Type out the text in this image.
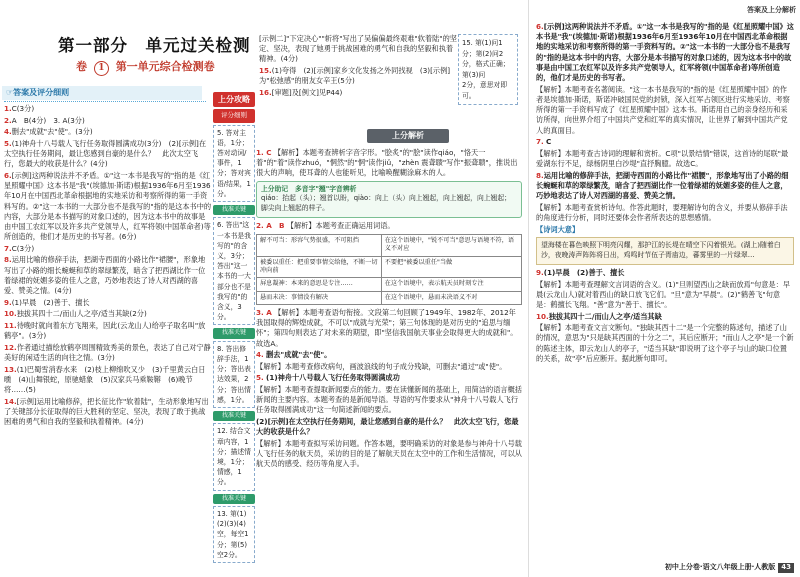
第一部分　单元过关检测
卷 1 第一单元综合检测卷
☞答案及评分细则

1.C(3分)

2.A　B(4分)　3. A(3分)

4.删去"成就"去"使"。(3分)

5.(1)神舟十八号载人飞行任务取得圆满成功(3分)　(2)[示例]在太空执行任务期间，最让您感到自豪的是什么？　此次太空飞行，您最大的收获是什么？(4分)

6.[示例]这两种说法并不矛盾。①"这一本书是我写的"指的是《红星照耀中国》这本书是"我"(埃德加·斯诺)根据1936年6月至1936年10月在中国西北革命根据地的实地采访和考察所得的第一手资料写的。②"这一本书的一大部分也不是我写的"指的是这本书中的内容，大部分是本书描写的对象口述的，因为这本书中的故事是由中国工农红军以及许多共产党领导人，红军将领(中国革命者)等所创造的，他们才是历史的书写者。(6分)

7.C(3分)

8.运用比喻的修辞手法，把湖寺西面的小路比作"裙腰"，形象地写出了小路的细长蜿蜒和草的翠绿繁茂，暗含了把西湖比作一位着绿裙的妩媚多姿的佳人之意，巧妙地表达了诗人对西湖的喜爱、赞美之情。(4分)

9.(1)早晨　(2)善于、擅长

10.独拔其四十二/而山人之亭/适当其缺(2分)

11.待晚时就向着东方飞翔来，因此(云龙山人)给亭子取名叫"放鹤亭"。(3分)

12.作者通过描绘放鹤亭周围精致秀美的景色，表达了自己对宁静美好的闲适生活的向往之情。(3分)

13.(1)巴蜀雪消春水来　(2)枝上柳绵吹又少　(3)千里黄云白日曛　(4)山舞银蛇，原驰蜡象　(5)汉家兵马乘鞍鞯　(6)晚节将……(5)

14.[示例]运用比喻修辞，把长征比作"软着陆"，生动形象地写出了关键部分长征取得的巨大胜利的坚定、坚决，表现了敢于挑战困难的勇气和自我的坚毅和执着精神。(4分)

上分攻略
评分细则
5. 答对主语，1分；答对动词/事件，1分；答对宾语/结果，1分。
找准关键
6. 答出"这一本书是我写的"的含义，3分；答出"这一本书的一大部分也不是我写的"的含义，3分。
找准关键
8. 答出修辞手法，1分；答出表达效果，2分；答出情感，1分。
找准关键
12. 结合文章内容，1分；描述情境，1分；情感，1分。
找准关键
13. 第(1)(2)(3)(4)空，每空1分；第(5)空2分。

[示例二]"下定决心""斩将"写出了吴偏偏最终艰难"软着陆"的坚定、坚决，表现了她勇于挑战困难的勇气和自我的坚毅和执着精神。(4分)

15.(1)夸得　(2)[示例]家乡文化发扬之外同找视　(3)[示例]为"松弛感"的朋友女辛王(5分)

16.[审题]及[例文]见P44)

15. 第(1)问1分；第(2)问2分，格式正确；第(3)问
2分，意思对即可。
上分解析

1. C 【解析】本题考查辨析字音字形。"脍炙"的"脍"读作qiáo，"恪天一着"的"着"读作zhuó，"惘然"的"惘"读作jiǔ，"zhèn 震聋聩"写作"振聋聩"，推说出很大的声响，使耳聋的人也能听见，比喻唤醒糊涂麻木的人。

上分助记　多音字"翘"字音辨析
qiáo：抬起（头）；翘首以盼，qiào：向上（头）向上翘起，向上翘起，向上翘起；脚尖向上翘起的样子。

2. A　B 【解析】本题考查正确运用词语。

解不可当：形容气势很盛，不可阻挡	在这个语境中，"锐不可当"意思与语境不符，语义不对应
被委以重任：把重要事情交给他，不断一切冲向前	不要把"被委以重任"当做
屏息凝神：本来的意思是专注……	在这个语境中，表示航天员时刻专注
悬而未决：事情没有解决	在这个语境中，悬而未决语义不对

3. A 【解析】本题考查语句衔接。文段第二句回顾了1949年、1982年、2012年我国取得的辉煌成就，不可以"成就与光荣"；第三句体现的是对历史的"追思与缅怀"；第四句则表达了对未来的期望，即"坚信我国航天事业会取得更大的成就和"。故选A。

4. 删去"成就"去"使"。

【解析】本题考查修改病句，画波浪线的句子成分残缺，可删去"通过"或"使"。

5. (1)神舟十八号载人飞行任务取得圆满成功

【解析】本题考查提取新闻要点的能力。要在读懂新闻的基础上，用简洁的语言概括新闻的主要内容。本题考查的是新闻导语。导语的写作要求从"神舟十八号载人飞行任务取得圆满成功"这一句简述新闻的要点。

(2)[示例]在太空执行任务期间，最让您感到自豪的是什么？　此次太空飞行，您最大的收获是什么？

【解析】本题考查拟写采访问题。作答本题，要明确采访的对象是参与神舟十八号载人飞行任务的航天员，采访的目的是了解航天员在太空中的工作和生活情况，可以从航天员的感受、经历等角度入手。

答案及上分解析

6.[示例]这两种说法并不矛盾。①"这一本书是我写的"指的是《红星照耀中国》这本书是"我"(埃德加·斯诺)根据1936年6月至1936年10月在中国西北革命根据地的实地采访和考察所得的第一手资料写的。②"这一本书的一大部分也不是我写的"指的是这本书中的内容，大部分是本书描写的对象口述的，因为这本书中的故事是由中国工农红军以及许多共产党领导人，红军将领(中国革命者)等所创造的，他们才是历史的书写者。

【解析】本题考查名著阅读。"这一本书是我写的"指的是《红星照耀中国》的作者是埃德加·斯诺，斯诺冲破国民党的封锁，深入红军占领区进行实地采访、考察所得的第一手资料写成了《红星照耀中国》这本书。斯诺用自己的亲身经历和采访所得，向世界介绍了中国共产党和红军的真实情况，让世界了解到中国共产党人的真面目。

7. C

【解析】本题考查古诗词的理解和赏析。C项"以景结情"错误，这首诗的尾联"最爱湖东行不足，绿杨阴里白沙堤"直抒胸臆。故选C。

8.运用比喻的修辞手法，把湖寺西面的小路比作"裙腰"，形象地写出了小路的细长蜿蜒和草的翠绿繁茂，暗含了把西湖比作一位着绿裙的妩媚多姿的佳人之意，巧妙地表达了诗人对西湖的喜爱、赞美之情。

【解析】本题考查赏析诗句。作答此题时，要理解诗句的含义，并要从修辞手法的角度进行分析，同时还要体会作者所表达的思想感情。

【诗词大意】
望海楼在暮色映照下明亮闪耀，那护江的长堤在晴空下闪着银光。(湖上)随着白沙，夜晚涛声阵阵将日出，鸡鸣时节伍子胥庙边，蕃雾里的一片绿翠…

9.(1)早晨　(2)善于、擅长

【解析】本题考查理解文言词语的含义。(1)"旦则望西山之缺而放焉"句意是：早晨(云龙山人)就对着西山的缺口放飞它们。"旦"意为"早晨"。(2)"鹤善飞"句意是：鹤擅长飞翔。"善"意为"善于、擅长"。

10.独拔其四十二/而山人之亭/适当其缺

【解析】本题考查文言文断句。"独缺其西十二"是一个完整的陈述句，描述了山的情况，意思为"只是缺其西面的十分之二"，其后应断开；"而山人之亭"是一个新的陈述主体，即云龙山人的亭子，"适当其缺"即说明了这个亭子与山的缺口位置的关系，故"亭"后应断开。据此断句即可。

初中上分卷·语文八年级上册·人教版 43
